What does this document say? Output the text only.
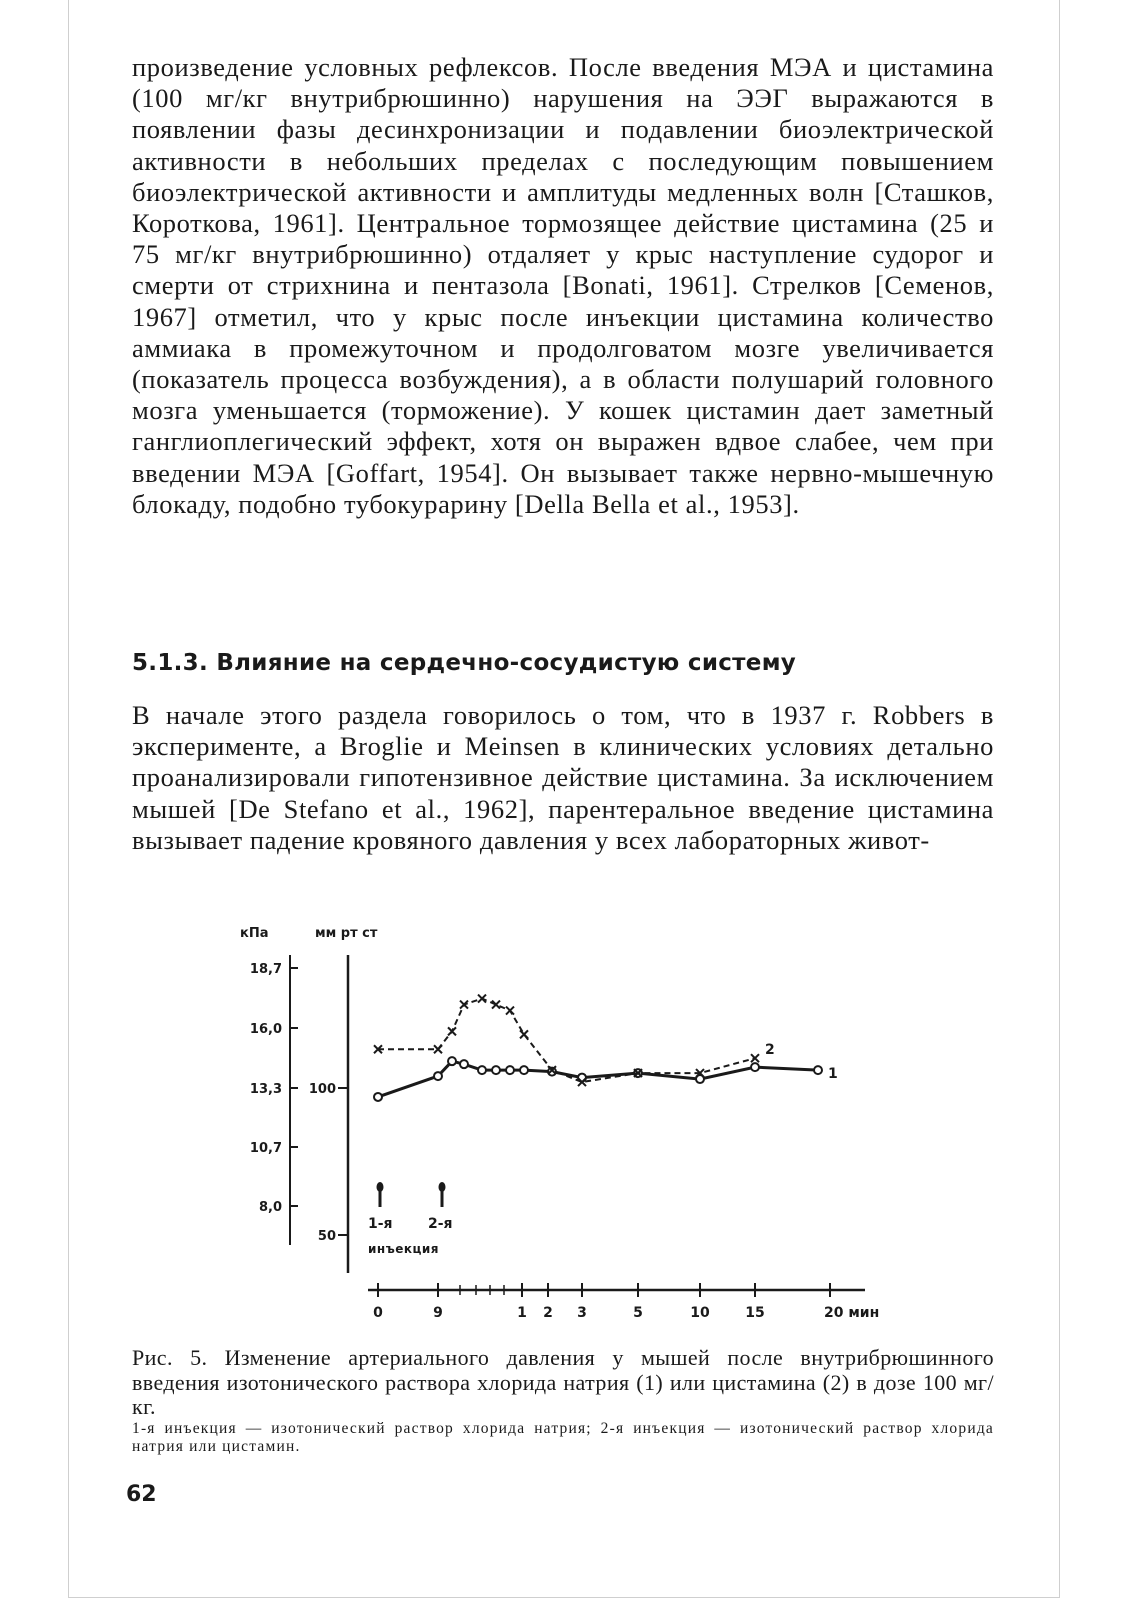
произведение условных рефлексов. После введения МЭА и цистамина (100 мг/кг внутрибрюшинно) нарушения на ЭЭГ выражаются в появлении фазы десинхронизации и подавлении биоэлектрической активности в небольших пределах с последующим повышением биоэлектрической активности и амплитуды медленных волн [Сташков, Короткова, 1961]. Центральное тормозящее действие цистамина (25 и 75 мг/кг внутрибрюшинно) отдаляет у крыс наступление судорог и смерти от стрихнина и пентазола [Bonati, 1961]. Стрелков [Семенов, 1967] отметил, что у крыс после инъекции цистамина количество аммиака в промежуточном и продолговатом мозге увеличивается (показатель процесса возбуждения), а в области полушарий головного мозга уменьшается (торможение). У кошек цистамин дает заметный ганглиоплегический эффект, хотя он выражен вдвое слабее, чем при введении МЭА [Goffart, 1954]. Он вызывает также нервно-мышечную блокаду, подобно тубокурарину [Della Bella et al., 1953].

5.1.3. Влияние на сердечно-сосудистую систему

В начале этого раздела говорилось о том, что в 1937 г. Robbers в эксперименте, а Broglie и Meinsen в клинических условиях детально проанализировали гипотензивное действие цистамина. За исключением мышей [De Stefano et al., 1962], парентеральное введение цистамина вызывает падение кровяного давления у всех лабораторных живот-

кПа	мм рт ст
18,7
16,0
13,3
10,7
8,0
100
50
0	9	1 2 3	5	10	15	20 мин
1
2
1-я	2-я
инъекция

Рис. 5. Изменение артериального давления у мышей после внутрибрюшинного введения изотонического раствора хлорида натрия (1) или цистамина (2) в дозе 100 мг/кг.

1-я инъекция — изотонический раствор хлорида натрия; 2-я инъекция — изотонический раствор хлорида натрия или цистамин.

62
